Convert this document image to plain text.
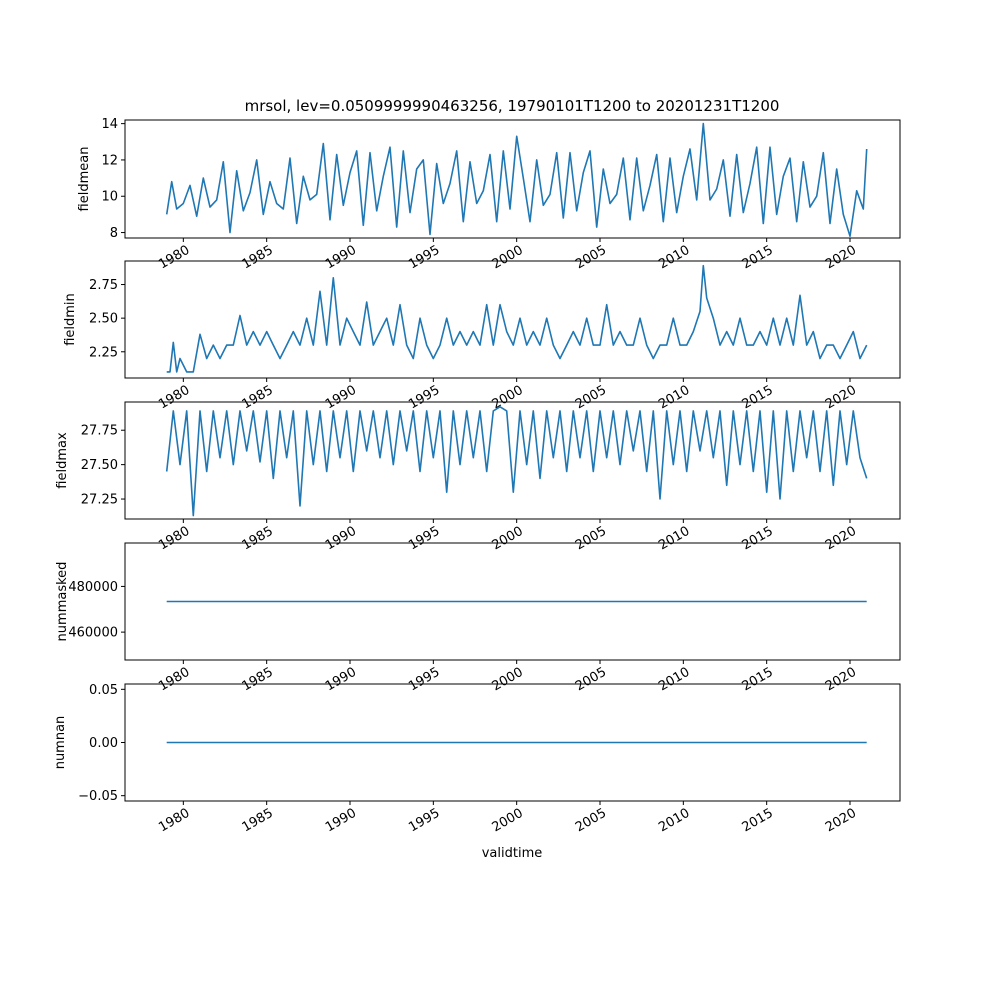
mrsol, lev=0.0509999990463256, 19790101T1200 to 20201231T1200
8
10
12
14
1980	1985	1990	1995	2000	2005	2010	2015	2020
fieldmean
2.25
2.50
2.75
1980	1985	1990	1995	2000	2005	2010	2015	2020
fieldmin
27.25
27.50
27.75
1980	1985	1990	1995	2000	2005	2010	2015	2020
fieldmax
460000
480000
1980	1985	1990	1995	2000	2005	2010	2015	2020
nummasked
−0.05
0.00
0.05
1980	1985	1990	1995	2000	2005	2010	2015	2020
numnan
validtime
